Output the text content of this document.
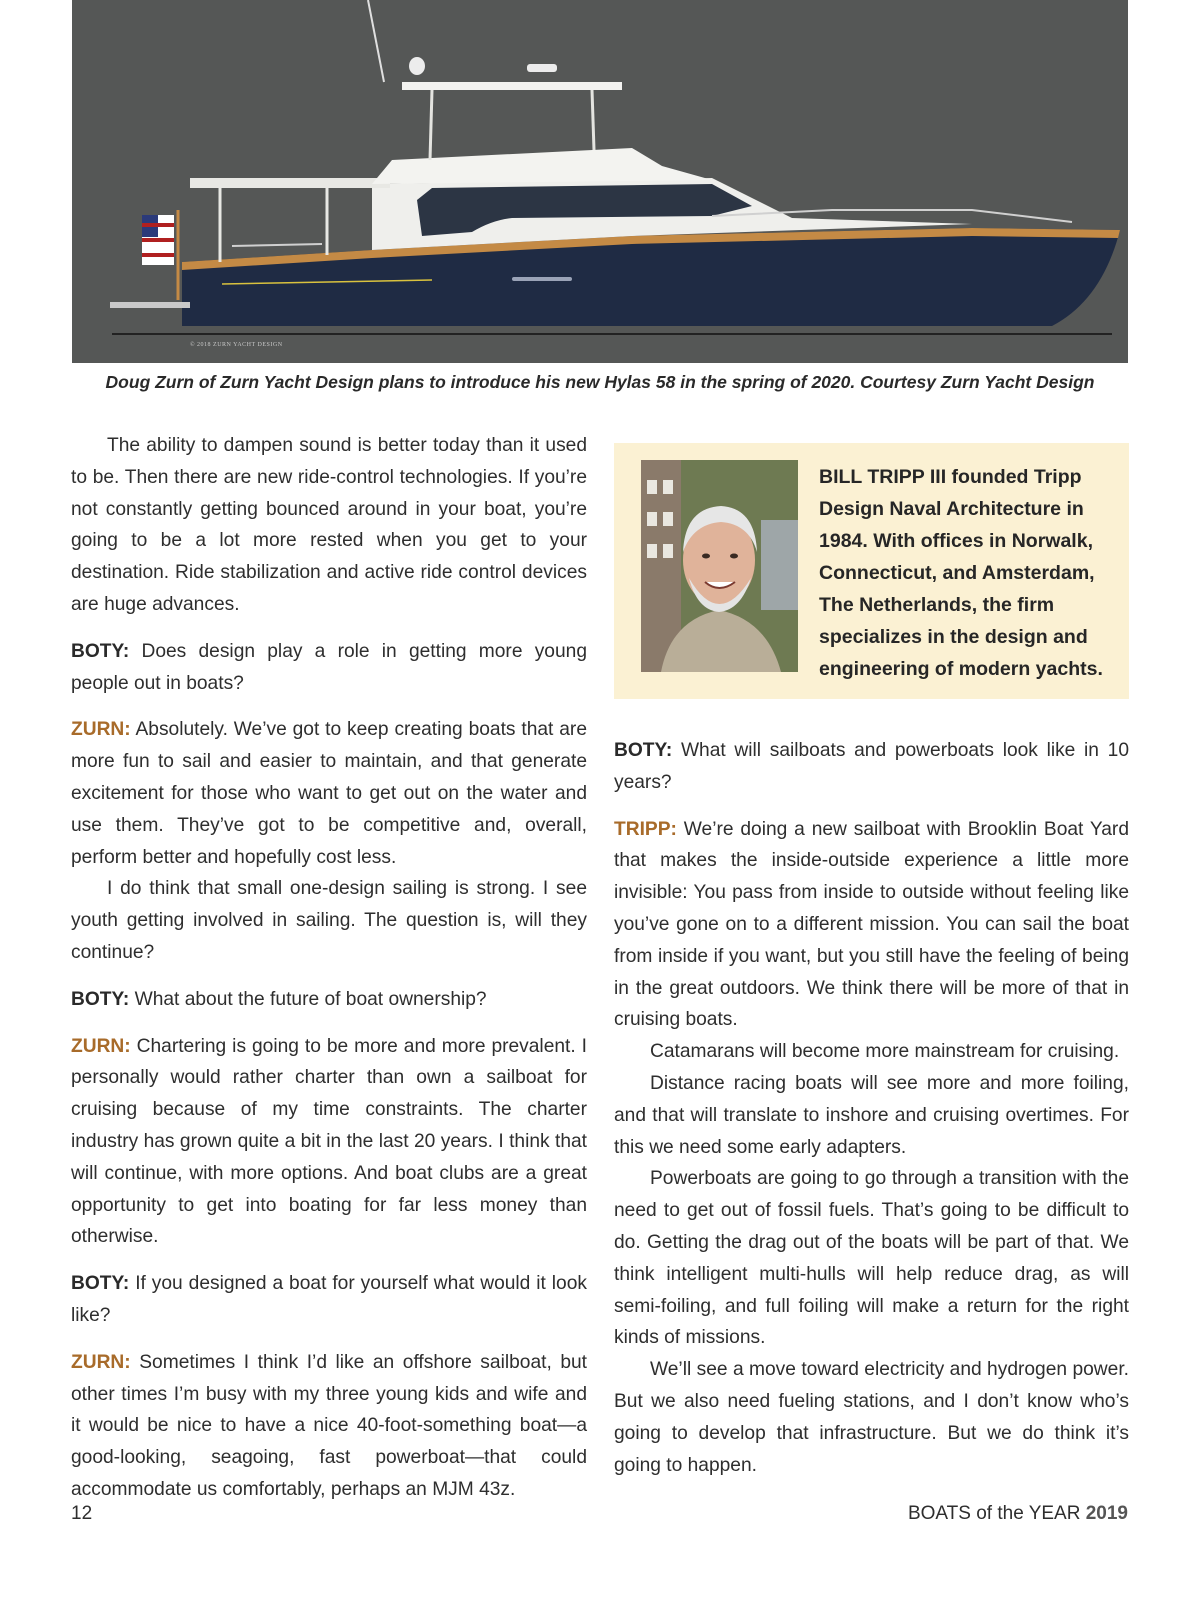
© 2018 ZURN YACHT DESIGN
Doug Zurn of Zurn Yacht Design plans to introduce his new Hylas 58 in the spring of 2020. Courtesy Zurn Yacht Design

The ability to dampen sound is better today than it used to be. Then there are new ride-control technologies. If you’re not constantly getting bounced around in your boat, you’re going to be a lot more rested when you get to your destination. Ride stabilization and active ride control devices are huge advances.

BOTY: Does design play a role in getting more young people out in boats?

ZURN: Absolutely. We’ve got to keep creating boats that are more fun to sail and easier to maintain, and that generate excitement for those who want to get out on the water and use them. They’ve got to be competitive and, overall, perform better and hopefully cost less.

I do think that small one-design sailing is strong. I see youth getting involved in sailing. The question is, will they continue?

BOTY: What about the future of boat ownership?

ZURN: Chartering is going to be more and more prevalent. I personally would rather charter than own a sailboat for cruising because of my time constraints. The charter industry has grown quite a bit in the last 20 years. I think that will continue, with more options. And boat clubs are a great opportunity to get into boating for far less money than otherwise.

BOTY: If you designed a boat for yourself what would it look like?

ZURN: Sometimes I think I’d like an offshore sailboat, but other times I’m busy with my three young kids and wife and it would be nice to have a nice 40-foot-something boat—a good-looking, seagoing, fast powerboat—that could accommodate us comfortably, perhaps an MJM 43z.

BILL TRIPP III founded Tripp Design Naval Architecture in 1984. With offices in Norwalk, Connecticut, and Amsterdam, The Netherlands, the firm specializes in the design and engineering of modern yachts.

BOTY: What will sailboats and powerboats look like in 10 years?

TRIPP: We’re doing a new sailboat with Brooklin Boat Yard that makes the inside-outside experience a little more invisible: You pass from inside to outside without feeling like you’ve gone on to a different mission. You can sail the boat from inside if you want, but you still have the feeling of being in the great outdoors. We think there will be more of that in cruising boats.

Catamarans will become more mainstream for cruising.

Distance racing boats will see more and more foiling, and that will translate to inshore and cruising overtimes. For this we need some early adapters.

Powerboats are going to go through a transition with the need to get out of fossil fuels. That’s going to be difficult to do. Getting the drag out of the boats will be part of that. We think intelligent multi-hulls will help reduce drag, as will semi-foiling, and full foiling will make a return for the right kinds of missions.

We’ll see a move toward electricity and hydrogen power. But we also need fueling stations, and I don’t know who’s going to develop that infrastructure. But we do think it’s going to happen.

12	BOATS of the YEAR 2019
